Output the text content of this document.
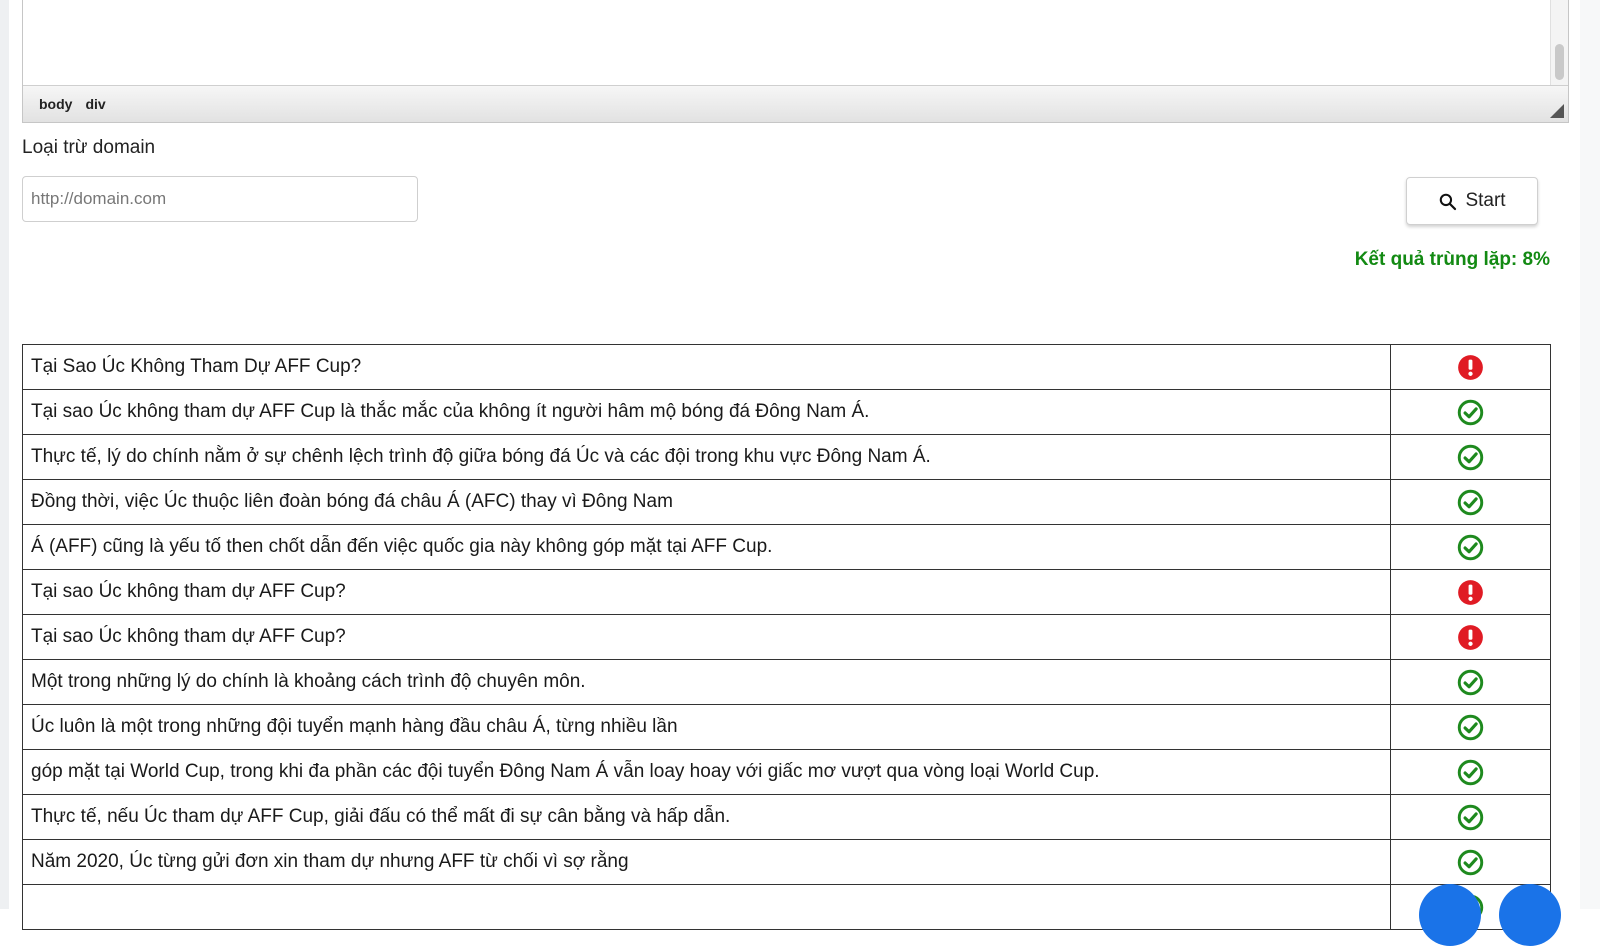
body div
Loại trừ domain
http://domain.com
Start
Kết quả trùng lặp: 8%
Tại Sao Úc Không Tham Dự AFF Cup?	
Tại sao Úc không tham dự AFF Cup là thắc mắc của không ít người hâm mộ bóng đá Đông Nam Á.	
Thực tế, lý do chính nằm ở sự chênh lệch trình độ giữa bóng đá Úc và các đội trong khu vực Đông Nam Á.	
Đồng thời, việc Úc thuộc liên đoàn bóng đá châu Á (AFC) thay vì Đông Nam	
Á (AFF) cũng là yếu tố then chốt dẫn đến việc quốc gia này không góp mặt tại AFF Cup.	
Tại sao Úc không tham dự AFF Cup?	
Tại sao Úc không tham dự AFF Cup?	
Một trong những lý do chính là khoảng cách trình độ chuyên môn.	
Úc luôn là một trong những đội tuyển mạnh hàng đầu châu Á, từng nhiều lần	
góp mặt tại World Cup, trong khi đa phần các đội tuyển Đông Nam Á vẫn loay hoay với giấc mơ vượt qua vòng loại World Cup.	
Thực tế, nếu Úc tham dự AFF Cup, giải đấu có thể mất đi sự cân bằng và hấp dẫn.	
Năm 2020, Úc từng gửi đơn xin tham dự nhưng AFF từ chối vì sợ rằng	
